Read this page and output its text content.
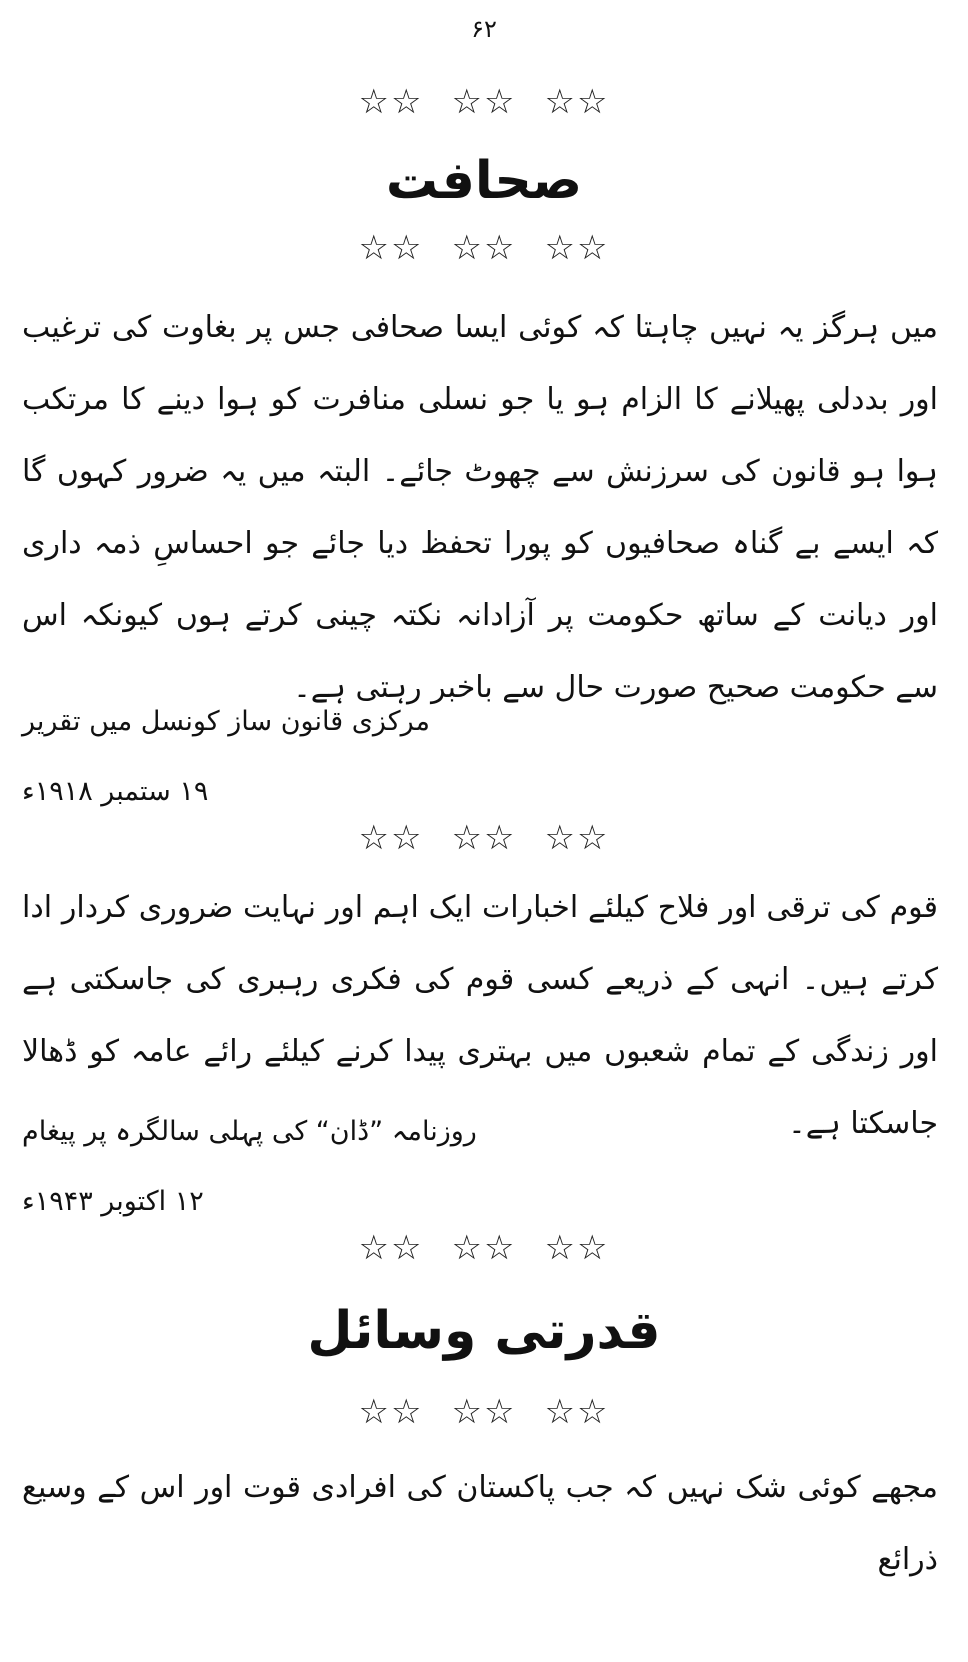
۶۲
☆☆ ☆☆ ☆☆
صحافت
☆☆ ☆☆ ☆☆
میں ہرگز یہ نہیں چاہتا کہ کوئی ایسا صحافی جس پر بغاوت کی ترغیب اور بددلی پھیلانے کا الزام ہو یا جو نسلی منافرت کو ہوا دینے کا مرتکب ہوا ہو قانون کی سرزنش سے چھوٹ جائے۔ البتہ میں یہ ضرور کہوں گا کہ ایسے بے گناہ صحافیوں کو پورا تحفظ دیا جائے جو احساسِ ذمہ داری اور دیانت کے ساتھ حکومت پر آزادانہ نکتہ چینی کرتے ہوں کیونکہ اس سے حکومت صحیح صورت حال سے باخبر رہتی ہے۔
مرکزی قانون ساز کونسل میں تقریر
۱۹ ستمبر ۱۹۱۸ء
☆☆ ☆☆ ☆☆
قوم کی ترقی اور فلاح کیلئے اخبارات ایک اہم اور نہایت ضروری کردار ادا کرتے ہیں۔ انہی کے ذریعے کسی قوم کی فکری رہبری کی جاسکتی ہے اور زندگی کے تمام شعبوں میں بہتری پیدا کرنے کیلئے رائے عامہ کو ڈھالا جاسکتا ہے۔
روزنامہ ”ڈان“ کی پہلی سالگرہ پر پیغام
۱۲ اکتوبر ۱۹۴۳ء
☆☆ ☆☆ ☆☆
قدرتی وسائل
☆☆ ☆☆ ☆☆
مجھے کوئی شک نہیں کہ جب پاکستان کی افرادی قوت اور اس کے وسیع ذرائع
